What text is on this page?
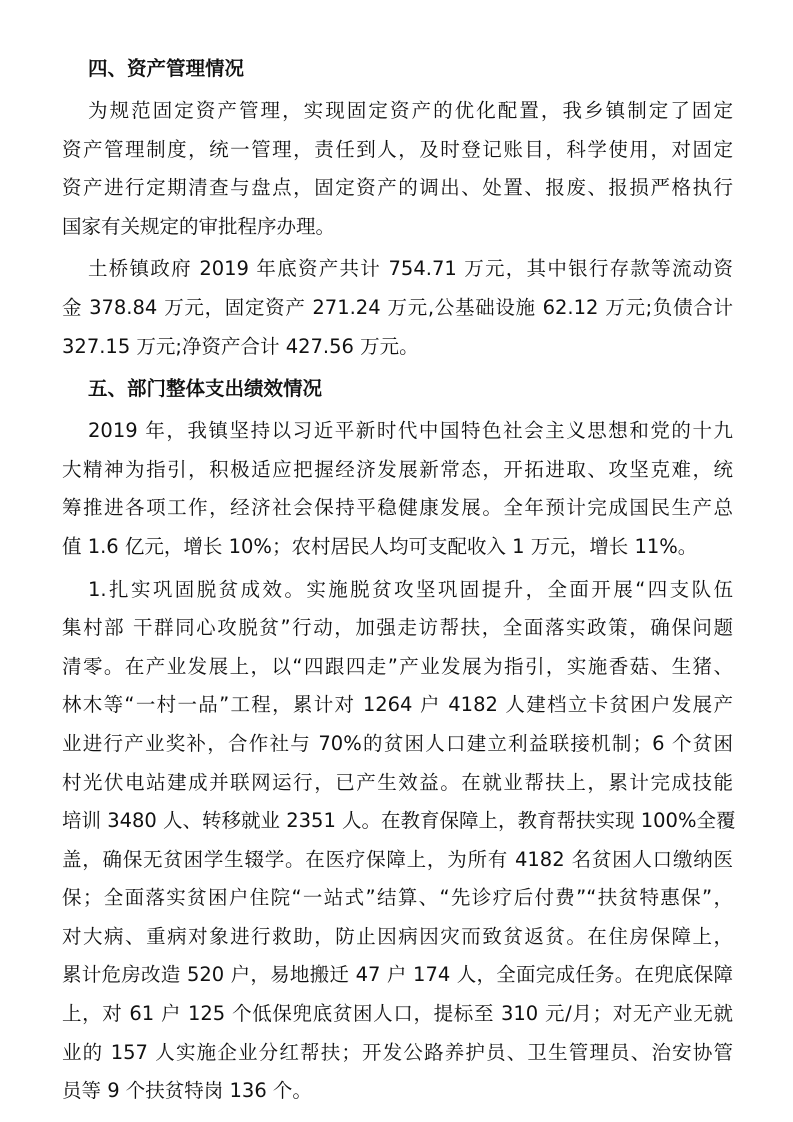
四、资产管理情况
为规范固定资产管理，实现固定资产的优化配置，我乡镇制定了固定
资产管理制度，统一管理，责任到人，及时登记账目，科学使用，对固定
资产进行定期清查与盘点，固定资产的调出、处置、报废、报损严格执行
国家有关规定的审批程序办理。
土桥镇政府 2019 年底资产共计 754.71 万元，其中银行存款等流动资
金 378.84 万元，固定资产 271.24 万元,公基础设施 62.12 万元;负债合计
327.15 万元;净资产合计 427.56 万元。
五、部门整体支出绩效情况
2019 年，我镇坚持以习近平新时代中国特色社会主义思想和党的十九
大精神为指引，积极适应把握经济发展新常态，开拓进取、攻坚克难，统
筹推进各项工作，经济社会保持平稳健康发展。全年预计完成国民生产总
值 1.6 亿元，增长 10%；农村居民人均可支配收入 1 万元，增长 11%。
1.扎实巩固脱贫成效。实施脱贫攻坚巩固提升，全面开展“四支队伍
集村部 干群同心攻脱贫”行动，加强走访帮扶，全面落实政策，确保问题
清零。在产业发展上，以“四跟四走”产业发展为指引，实施香菇、生猪、
林木等“一村一品”工程，累计对 1264 户 4182 人建档立卡贫困户发展产
业进行产业奖补，合作社与 70%的贫困人口建立利益联接机制；6 个贫困
村光伏电站建成并联网运行，已产生效益。在就业帮扶上，累计完成技能
培训 3480 人、转移就业 2351 人。在教育保障上，教育帮扶实现 100%全覆
盖，确保无贫困学生辍学。在医疗保障上，为所有 4182 名贫困人口缴纳医
保；全面落实贫困户住院“一站式”结算、“先诊疗后付费”“扶贫特惠保”，
对大病、重病对象进行救助，防止因病因灾而致贫返贫。在住房保障上，
累计危房改造 520 户，易地搬迁 47 户 174 人，全面完成任务。在兜底保障
上，对 61 户 125 个低保兜底贫困人口，提标至 310 元/月；对无产业无就
业的 157 人实施企业分红帮扶；开发公路养护员、卫生管理员、治安协管
员等 9 个扶贫特岗 136 个。
